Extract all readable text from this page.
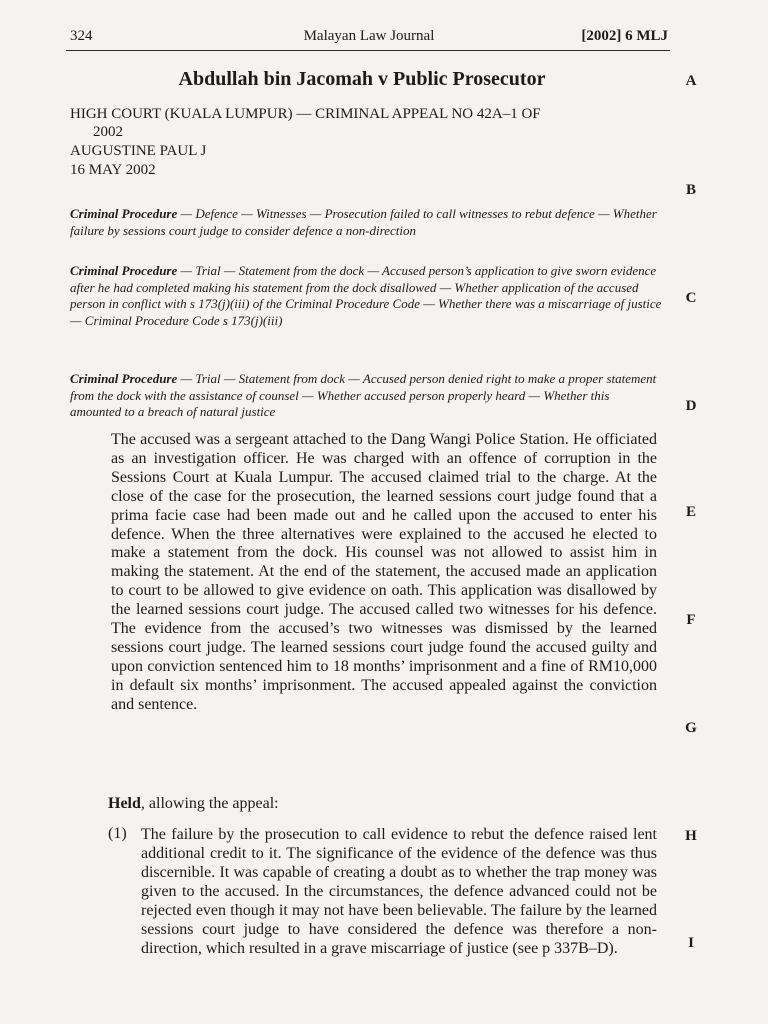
324	Malayan Law Journal	[2002] 6 MLJ
Abdullah bin Jacomah v Public Prosecutor
HIGH COURT (KUALA LUMPUR) — CRIMINAL APPEAL NO 42A–1 OF
2002
AUGUSTINE PAUL J
16 MAY 2002
Criminal Procedure — Defence — Witnesses — Prosecution failed to call witnesses to rebut defence — Whether failure by sessions court judge to consider defence a non-direction
Criminal Procedure — Trial — Statement from the dock — Accused person’s application to give sworn evidence after he had completed making his statement from the dock disallowed — Whether application of the accused person in conflict with s 173(j)(iii) of the Criminal Procedure Code — Whether there was a miscarriage of justice — Criminal Procedure Code s 173(j)(iii)
Criminal Procedure — Trial — Statement from dock — Accused person denied right to make a proper statement from the dock with the assistance of counsel — Whether accused person properly heard — Whether this amounted to a breach of natural justice
The accused was a sergeant attached to the Dang Wangi Police Station. He officiated as an investigation officer. He was charged with an offence of corruption in the Sessions Court at Kuala Lumpur. The accused claimed trial to the charge. At the close of the case for the prosecution, the learned sessions court judge found that a prima facie case had been made out and he called upon the accused to enter his defence. When the three alternatives were explained to the accused he elected to make a statement from the dock. His counsel was not allowed to assist him in making the statement. At the end of the statement, the accused made an application to court to be allowed to give evidence on oath. This application was disallowed by the learned sessions court judge. The accused called two witnesses for his defence. The evidence from the accused’s two witnesses was dismissed by the learned sessions court judge. The learned sessions court judge found the accused guilty and upon conviction sentenced him to 18 months’ imprisonment and a fine of RM10,000 in default six months’ imprisonment. The accused appealed against the conviction and sentence.
Held, allowing the appeal:
(1) The failure by the prosecution to call evidence to rebut the defence raised lent additional credit to it. The significance of the evidence of the defence was thus discernible. It was capable of creating a doubt as to whether the trap money was given to the accused. In the circumstances, the defence advanced could not be rejected even though it may not have been believable. The failure by the learned sessions court judge to have considered the defence was therefore a non-direction, which resulted in a grave miscarriage of justice (see p 337B–D).
A
B
C
D
E
F
G
H
I
